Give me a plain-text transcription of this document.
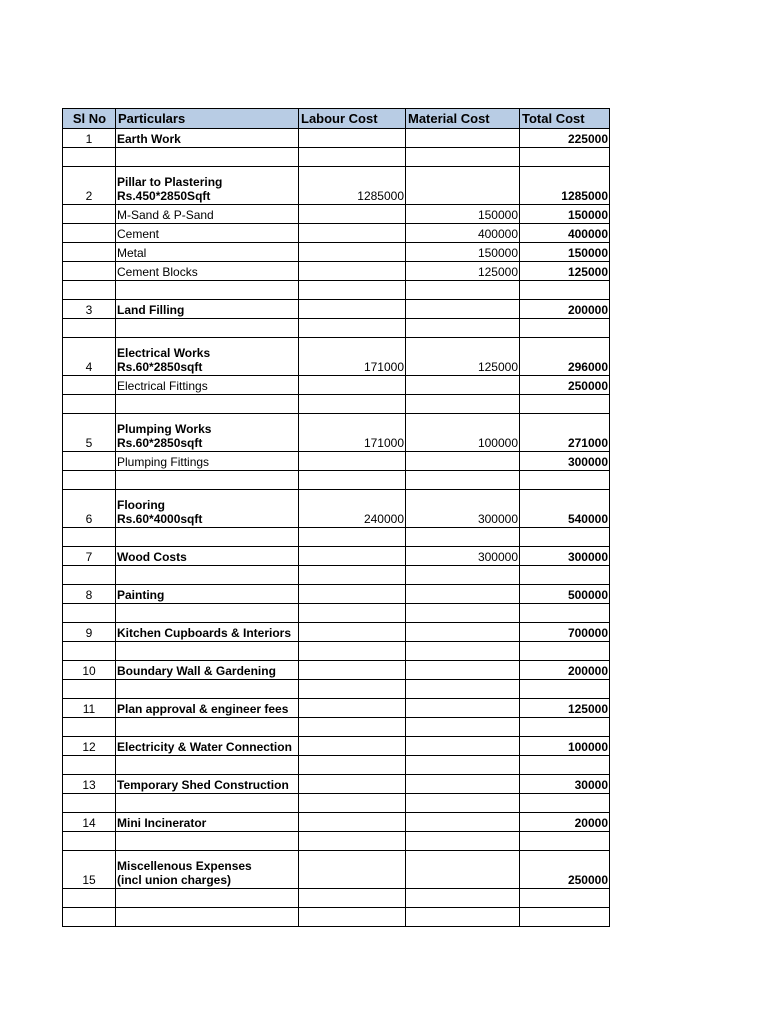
Sl No	Particulars	Labour Cost	Material Cost	Total Cost
1	Earth Work			225000

2	Pillar to Plastering
Rs.450*2850Sqft	1285000		1285000
	M-Sand & P-Sand		150000	150000
	Cement		400000	400000
	Metal		150000	150000
	Cement Blocks		125000	125000

3	Land Filling			200000

4	Electrical Works
Rs.60*2850sqft	171000	125000	296000
	Electrical Fittings			250000

5	Plumping Works
Rs.60*2850sqft	171000	100000	271000
	Plumping Fittings			300000

6	Flooring
Rs.60*4000sqft	240000	300000	540000

7	Wood Costs		300000	300000

8	Painting			500000

9	Kitchen Cupboards & Interiors			700000

10	Boundary Wall & Gardening			200000

11	Plan approval & engineer fees			125000

12	Electricity & Water Connection			100000

13	Temporary Shed Construction			30000

14	Mini Incinerator			20000

15	Miscellenous Expenses
(incl union charges)			250000
